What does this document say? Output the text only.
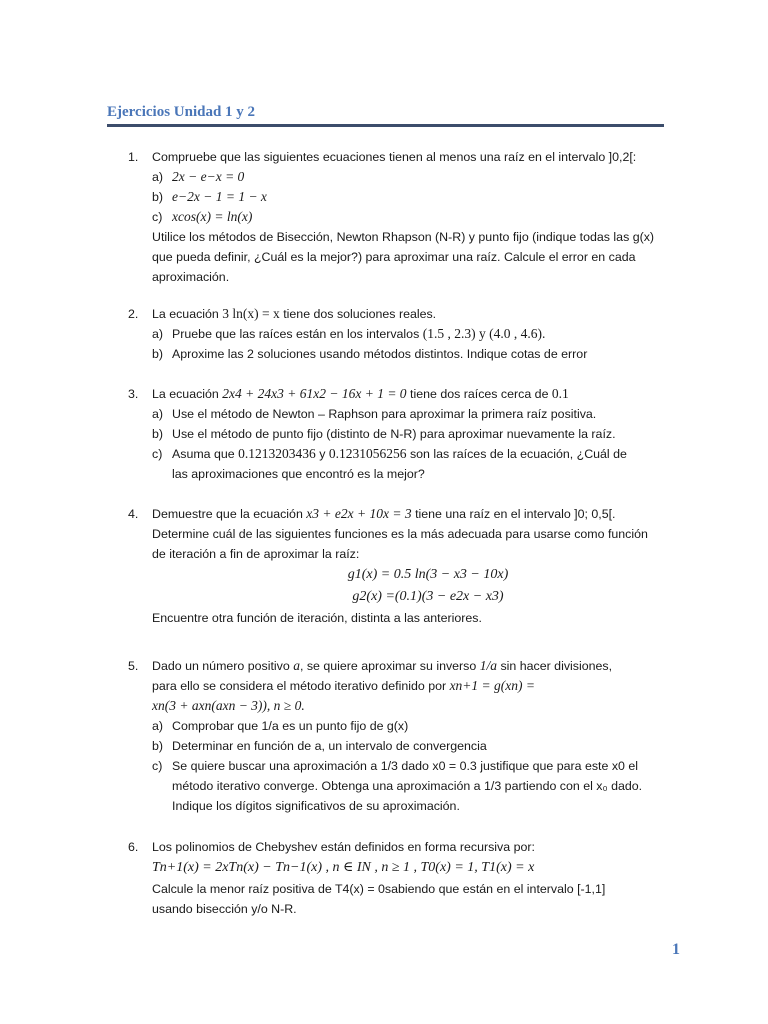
Ejercicios Unidad 1 y 2
1. Compruebe que las siguientes ecuaciones tienen al menos una raíz en el intervalo ]0,2[:
a) 2x − e−x = 0
b) e−2x − 1 = 1 − x
c) xcos(x) = ln(x)
Utilice los métodos de Bisección, Newton Rhapson (N-R) y punto fijo (indique todas las g(x)
que pueda definir, ¿Cuál es la mejor?) para aproximar una raíz. Calcule el error en cada
aproximación.
2. La ecuación 3 ln(x) = x tiene dos soluciones reales.
a) Pruebe que las raíces están en los intervalos (1.5 , 2.3) y (4.0 , 4.6).
b) Aproxime las 2 soluciones usando métodos distintos. Indique cotas de error
3. La ecuación 2x4 + 24x3 + 61x2 − 16x + 1 = 0 tiene dos raíces cerca de 0.1
a) Use el método de Newton – Raphson para aproximar la primera raíz positiva.
b) Use el método de punto fijo (distinto de N-R) para aproximar nuevamente la raíz.
c) Asuma que 0.1213203436 y 0.1231056256 son las raíces de la ecuación, ¿Cuál de
las aproximaciones que encontró es la mejor?
4. Demuestre que la ecuación x3 + e2x + 10x = 3 tiene una raíz en el intervalo ]0; 0,5[.
Determine cuál de las siguientes funciones es la más adecuada para usarse como función
de iteración a fin de aproximar la raíz:
g1(x) = 0.5 ln(3 − x3 − 10x)
g2(x) =(0.1)(3 − e2x − x3)
Encuentre otra función de iteración, distinta a las anteriores.
5. Dado un número positivo a, se quiere aproximar su inverso 1/a sin hacer divisiones,
para ello se considera el método iterativo definido por xn+1 = g(xn) =
xn(3 + axn(axn − 3)), n ≥ 0.
a) Comprobar que 1/a es un punto fijo de g(x)
b) Determinar en función de a, un intervalo de convergencia
c) Se quiere buscar una aproximación a 1/3 dado x0 = 0.3 justifique que para este x0 el
método iterativo converge. Obtenga una aproximación a 1/3 partiendo con el x₀ dado.
Indique los dígitos significativos de su aproximación.
6. Los polinomios de Chebyshev están definidos en forma recursiva por:
Tn+1(x) = 2xTn(x) − Tn−1(x) , n ∈ IN , n ≥ 1 , T0(x) = 1, T1(x) = x
Calcule la menor raíz positiva de T4(x) = 0sabiendo que están en el intervalo [-1,1]
usando bisección y/o N-R.
1
